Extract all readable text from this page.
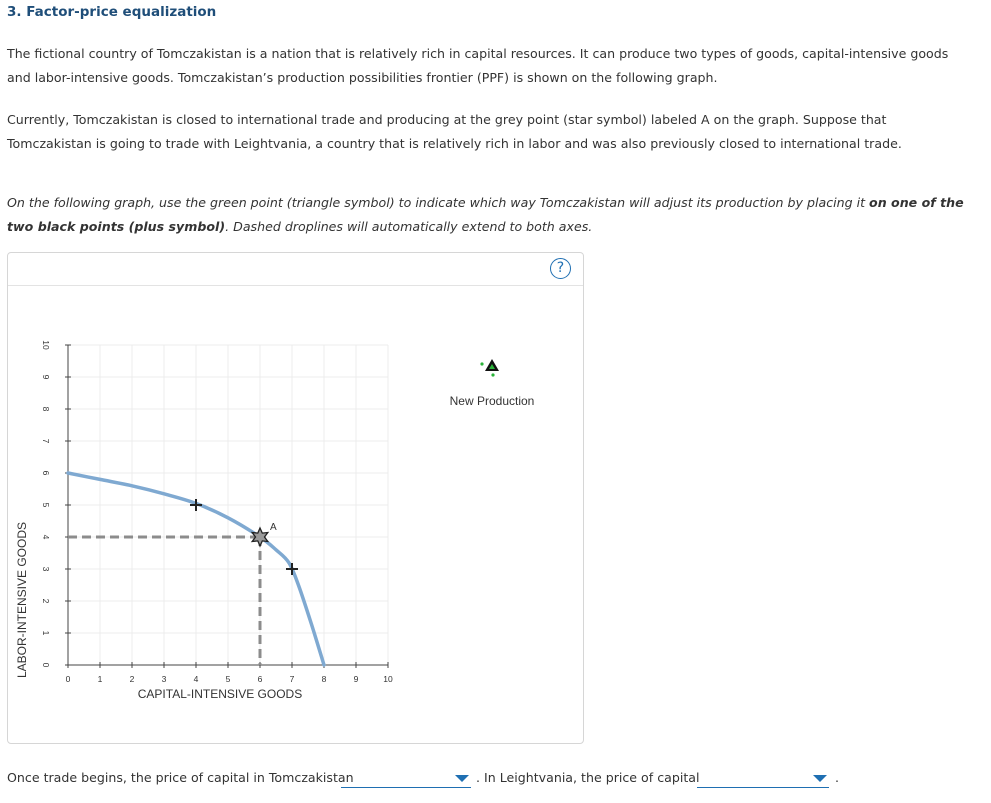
3. Factor-price equalization
The fictional country of Tomczakistan is a nation that is relatively rich in capital resources. It can produce two types of goods, capital-intensive goods and labor-intensive goods. Tomczakistan’s production possibilities frontier (PPF) is shown on the following graph.
Currently, Tomczakistan is closed to international trade and producing at the grey point (star symbol) labeled A on the graph. Suppose that Tomczakistan is going to trade with Leightvania, a country that is relatively rich in labor and was also previously closed to international trade.
On the following graph, use the green point (triangle symbol) to indicate which way Tomczakistan will adjust its production by placing it on one of the two black points (plus symbol). Dashed droplines will automatically extend to both axes.
?
0	1	2	3	4	5	6	7	8	9	10
0
1
2
3
4
5
6
7
8
9
10
CAPITAL-INTENSIVE GOODS
LABOR-INTENSIVE GOODS	A
New Production
Once trade begins, the price of capital in Tomczakistan	. In Leightvania, the price of capital	.
